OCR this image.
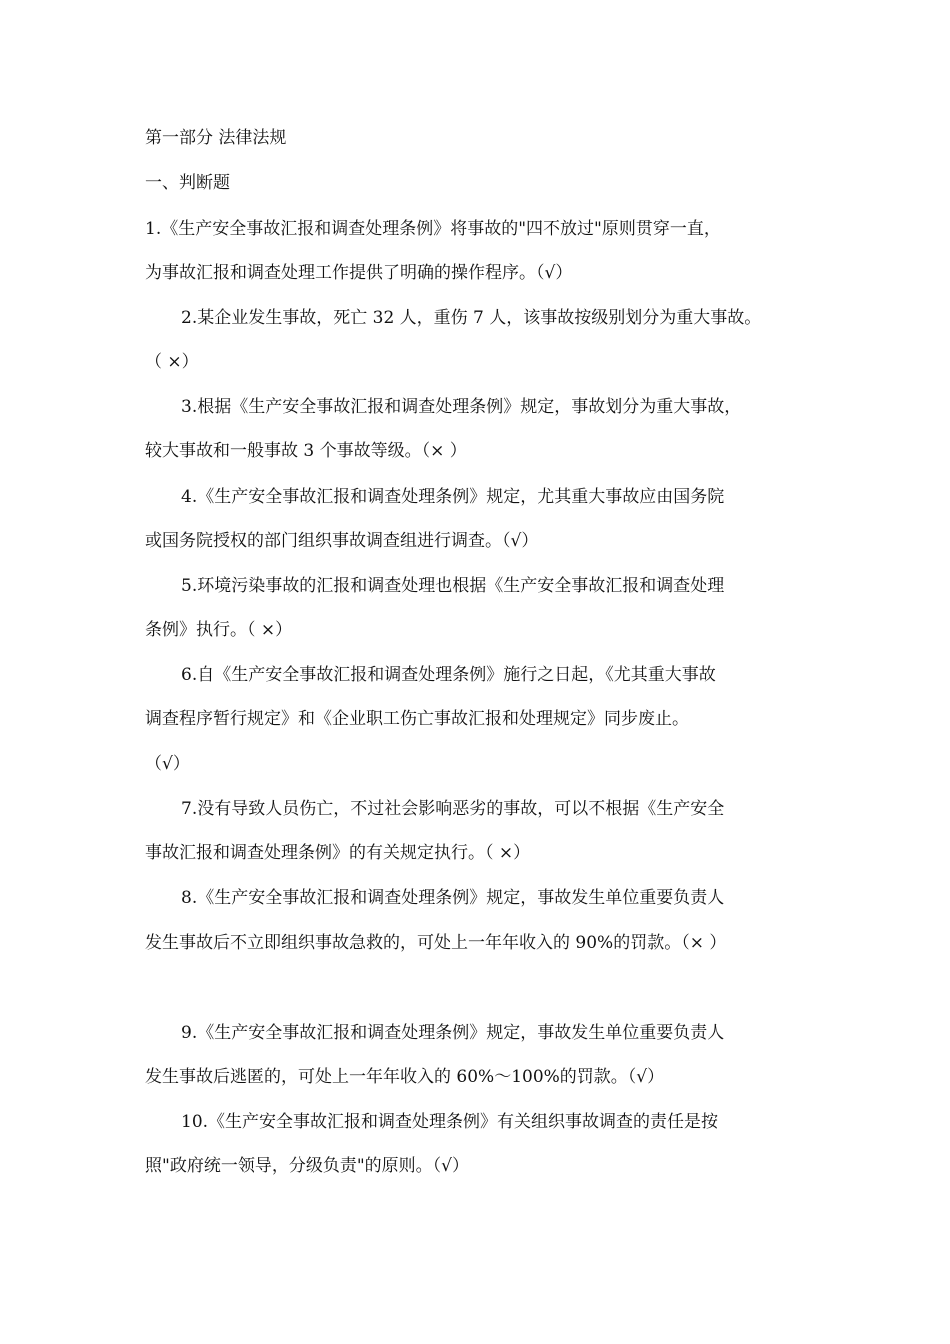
第一部分 法律法规
一、判断题
1.《生产安全事故汇报和调查处理条例》将事故的"四不放过"原则贯穿一直，
为事故汇报和调查处理工作提供了明确的操作程序。（√）
2.某企业发生事故，死亡 32 人，重伤 7 人，该事故按级别划分为重大事故。
（ ×）
3.根据《生产安全事故汇报和调查处理条例》规定，事故划分为重大事故，
较大事故和一般事故 3 个事故等级。（× ）
4.《生产安全事故汇报和调查处理条例》规定，尤其重大事故应由国务院
或国务院授权的部门组织事故调查组进行调查。（√）
5.环境污染事故的汇报和调查处理也根据《生产安全事故汇报和调查处理
条例》执行。（ ×）
6.自《生产安全事故汇报和调查处理条例》施行之日起，《尤其重大事故
调查程序暂行规定》和《企业职工伤亡事故汇报和处理规定》同步废止。
（√）
7.没有导致人员伤亡，不过社会影响恶劣的事故，可以不根据《生产安全
事故汇报和调查处理条例》的有关规定执行。（ ×）
8.《生产安全事故汇报和调查处理条例》规定，事故发生单位重要负责人
发生事故后不立即组织事故急救的，可处上一年年收入的 90%的罚款。（× ）
9.《生产安全事故汇报和调查处理条例》规定，事故发生单位重要负责人
发生事故后逃匿的，可处上一年年收入的 60%～100%的罚款。（√）
10.《生产安全事故汇报和调查处理条例》有关组织事故调查的责任是按
照"政府统一领导，分级负责"的原则。（√）
